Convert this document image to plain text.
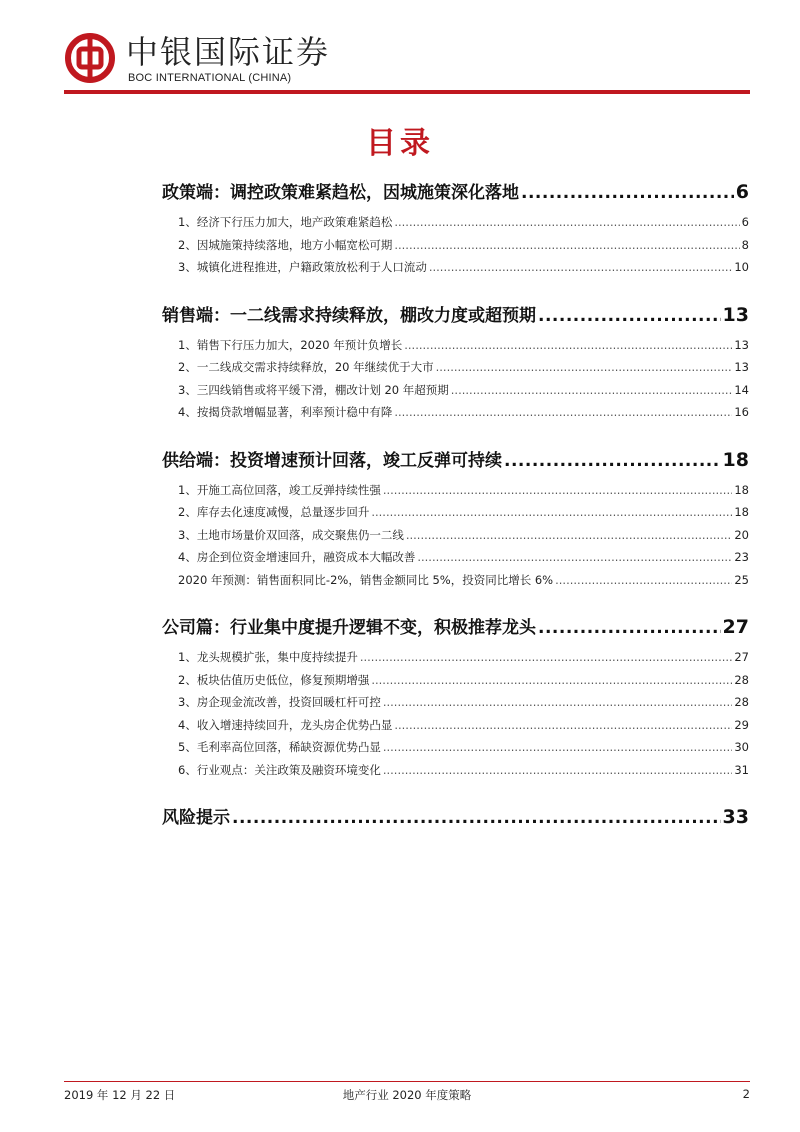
中银国际证券
BOC INTERNATIONAL (CHINA)
目录
政策端：调控政策难紧趋松，因城施策深化落地 .....	6
1、经济下行压力加大，地产政策难紧趋松 .....	6
2、因城施策持续落地，地方小幅宽松可期 .....	8
3、城镇化进程推进，户籍政策放松利于人口流动 .....	10
销售端：一二线需求持续释放，棚改力度或超预期 .....	13
1、销售下行压力加大，2020 年预计负增长 .....	13
2、一二线成交需求持续释放，20 年继续优于大市 .....	13
3、三四线销售或将平缓下滑，棚改计划 20 年超预期 .....	14
4、按揭贷款增幅显著，利率预计稳中有降 .....	16
供给端：投资增速预计回落，竣工反弹可持续 .....	18
1、开施工高位回落，竣工反弹持续性强 .....	18
2、库存去化速度减慢，总量逐步回升 .....	18
3、土地市场量价双回落，成交聚焦仍一二线 .....	20
4、房企到位资金增速回升，融资成本大幅改善 .....	23
2020 年预测：销售面积同比-2%，销售金额同比 5%，投资同比增长 6% .....	25
公司篇：行业集中度提升逻辑不变，积极推荐龙头 .....	27
1、龙头规模扩张，集中度持续提升 .....	27
2、板块估值历史低位，修复预期增强 .....	28
3、房企现金流改善，投资回暖杠杆可控 .....	28
4、收入增速持续回升，龙头房企优势凸显 .....	29
5、毛利率高位回落，稀缺资源优势凸显 .....	30
6、行业观点：关注政策及融资环境变化 .....	31
风险提示 .....	33
2019 年 12 月 22 日	地产行业 2020 年度策略	2
